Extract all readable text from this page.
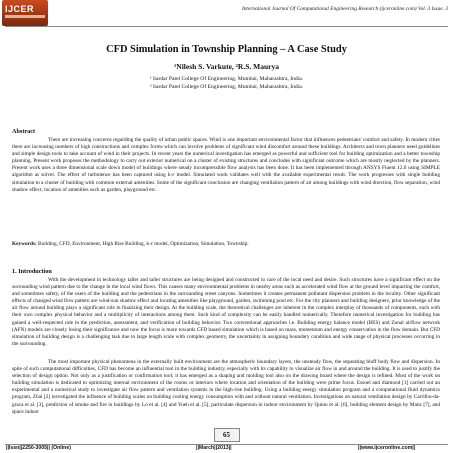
IJCER	International Journal Of Computational Engineering Research (ijceronline.com) Vol. 3 Issue. 3
CFD Simulation in Township Planning – A Case Study
¹Nilesh S. Varkute, ²R.S. Maurya
¹ Sardar Patel College Of Engineering, Mumbai, Maharashtra, India.
² Sardar Patel College Of Engineering, Mumbai, Maharashtra, India.
Abstract
There are increasing concerns regarding the quality of urban public spaces. Wind is one important environmental factor that influences pedestrians' comfort and safety. In modern cities there are increasing numbers of high constructions and complex forms which can involve problems of significant wind discomfort around these buildings. Architects and town planners need guidelines and simple design tools to take account of wind in their projects. In recent years the numerical investigation has emerged as powerful and sufficient tool for building optimization and a better township planning. Present work proposes the methodology to carry out exterior numerical on a cluster of existing structures and concludes with significant outcome which are mostly neglected by the planners. Present work uses a three dimensional scale down model of buildings where steady incompressible flow analysis has been done. It has been implemented through ANSYS Fluent 12.0 using SIMPLE algorithm as solver. The effect of turbulence has been captured using k-ε model. Simulated work validates well with the available experimental result. The work progresses with single building simulation to a cluster of building with common external amenities. Some of the significant conclusion are changing ventilation pattern of air among buildings with wind direction, flow separation, wind shadow effect, location of amenities such as garden, playground etc.
Keywords: Building, CFD, Environment, High Rise Building, k-ε model, Optimization, Simulation, Township.
1. Introduction
With the development in technology taller and taller structures are being designed and constructed to care of the local need and desire. Such structures have a significant effect on the surrounding wind pattern due to the change in the local wind flows. This causes many environmental problems in nearby areas such as accelerated wind flow at the ground level impacting the comfort, and sometimes safety, of the users of the building and the pedestrians in the surrounding street canyons. Sometimes it creates permanent pollutant dispersion problem in the locality. Other significant effects of changed wind flow pattern are wind-sun shadow effect and locating amenities like playground, garden, swimming pool etc. For the city planners and building designers, prior knowledge of the air flow around building plays a significant role in finalizing their design. At the building scale, the theoretical challenges are inherent in the complex interplay of thousands of components, each with their own complex physical behavior and a multiplicity of interactions among them. Such kind of complexity can be easily handled numerically. Therefore numerical investigation for building has gained a well-respected role in the prediction, assessment, and verification of building behavior. Two conventional approaches i.e. Building energy balance model (BES) and Zonal airflow network (AFN) models are closely losing their significance and now the focus is more towards CFD based simulation which is based on mass, momentum and energy conservation in the flow domain. But CFD simulation of building design is a challenging task due to large length scale with complex geometry, the uncertainty in assigning boundary condition and wide range of physical processes occurring in the surrounding.
The most important physical phenomena in the externally built environment are the atmospheric boundary layers, the unsteady flow, the separating bluff body flow and dispersion. In spite of such computational difficulties, CFD has become an influential tool in the building industry, especially with its capability to visualize air flow in and around the building. It is used to justify the selection of design option. Not only as a justification or confirmation tool; it has emerged as a shaping and molding tool also on the drawing board where the design is refined. Most of the work on building simulation is dedicated to optimizing internal environment of the rooms or interiors where location and orientation of the building were prime focus. Essoel and diamond [1] carried out an experimental and a numerical study to investigate air flow pattern and ventilation systems in the high-rise building. Using a building energy simulation program and a computational fluid dynamics program, Zhai [2] investigated the influence of building scales on building cooling energy consumption with and without natural ventilation. Investigations on natural ventilation design by Carrilho-da-graca et al. [3], prediction of smoke and fire in buildings by Lo et al. [4] and Yueh et al. [5], particulate dispersion in indoor environment by Quinn et al. [6], building element design by Manz [7], and space indoor
65
||Issn||2250-3005|| (Online)	||March||2013||	||www.ijceronline.com||
